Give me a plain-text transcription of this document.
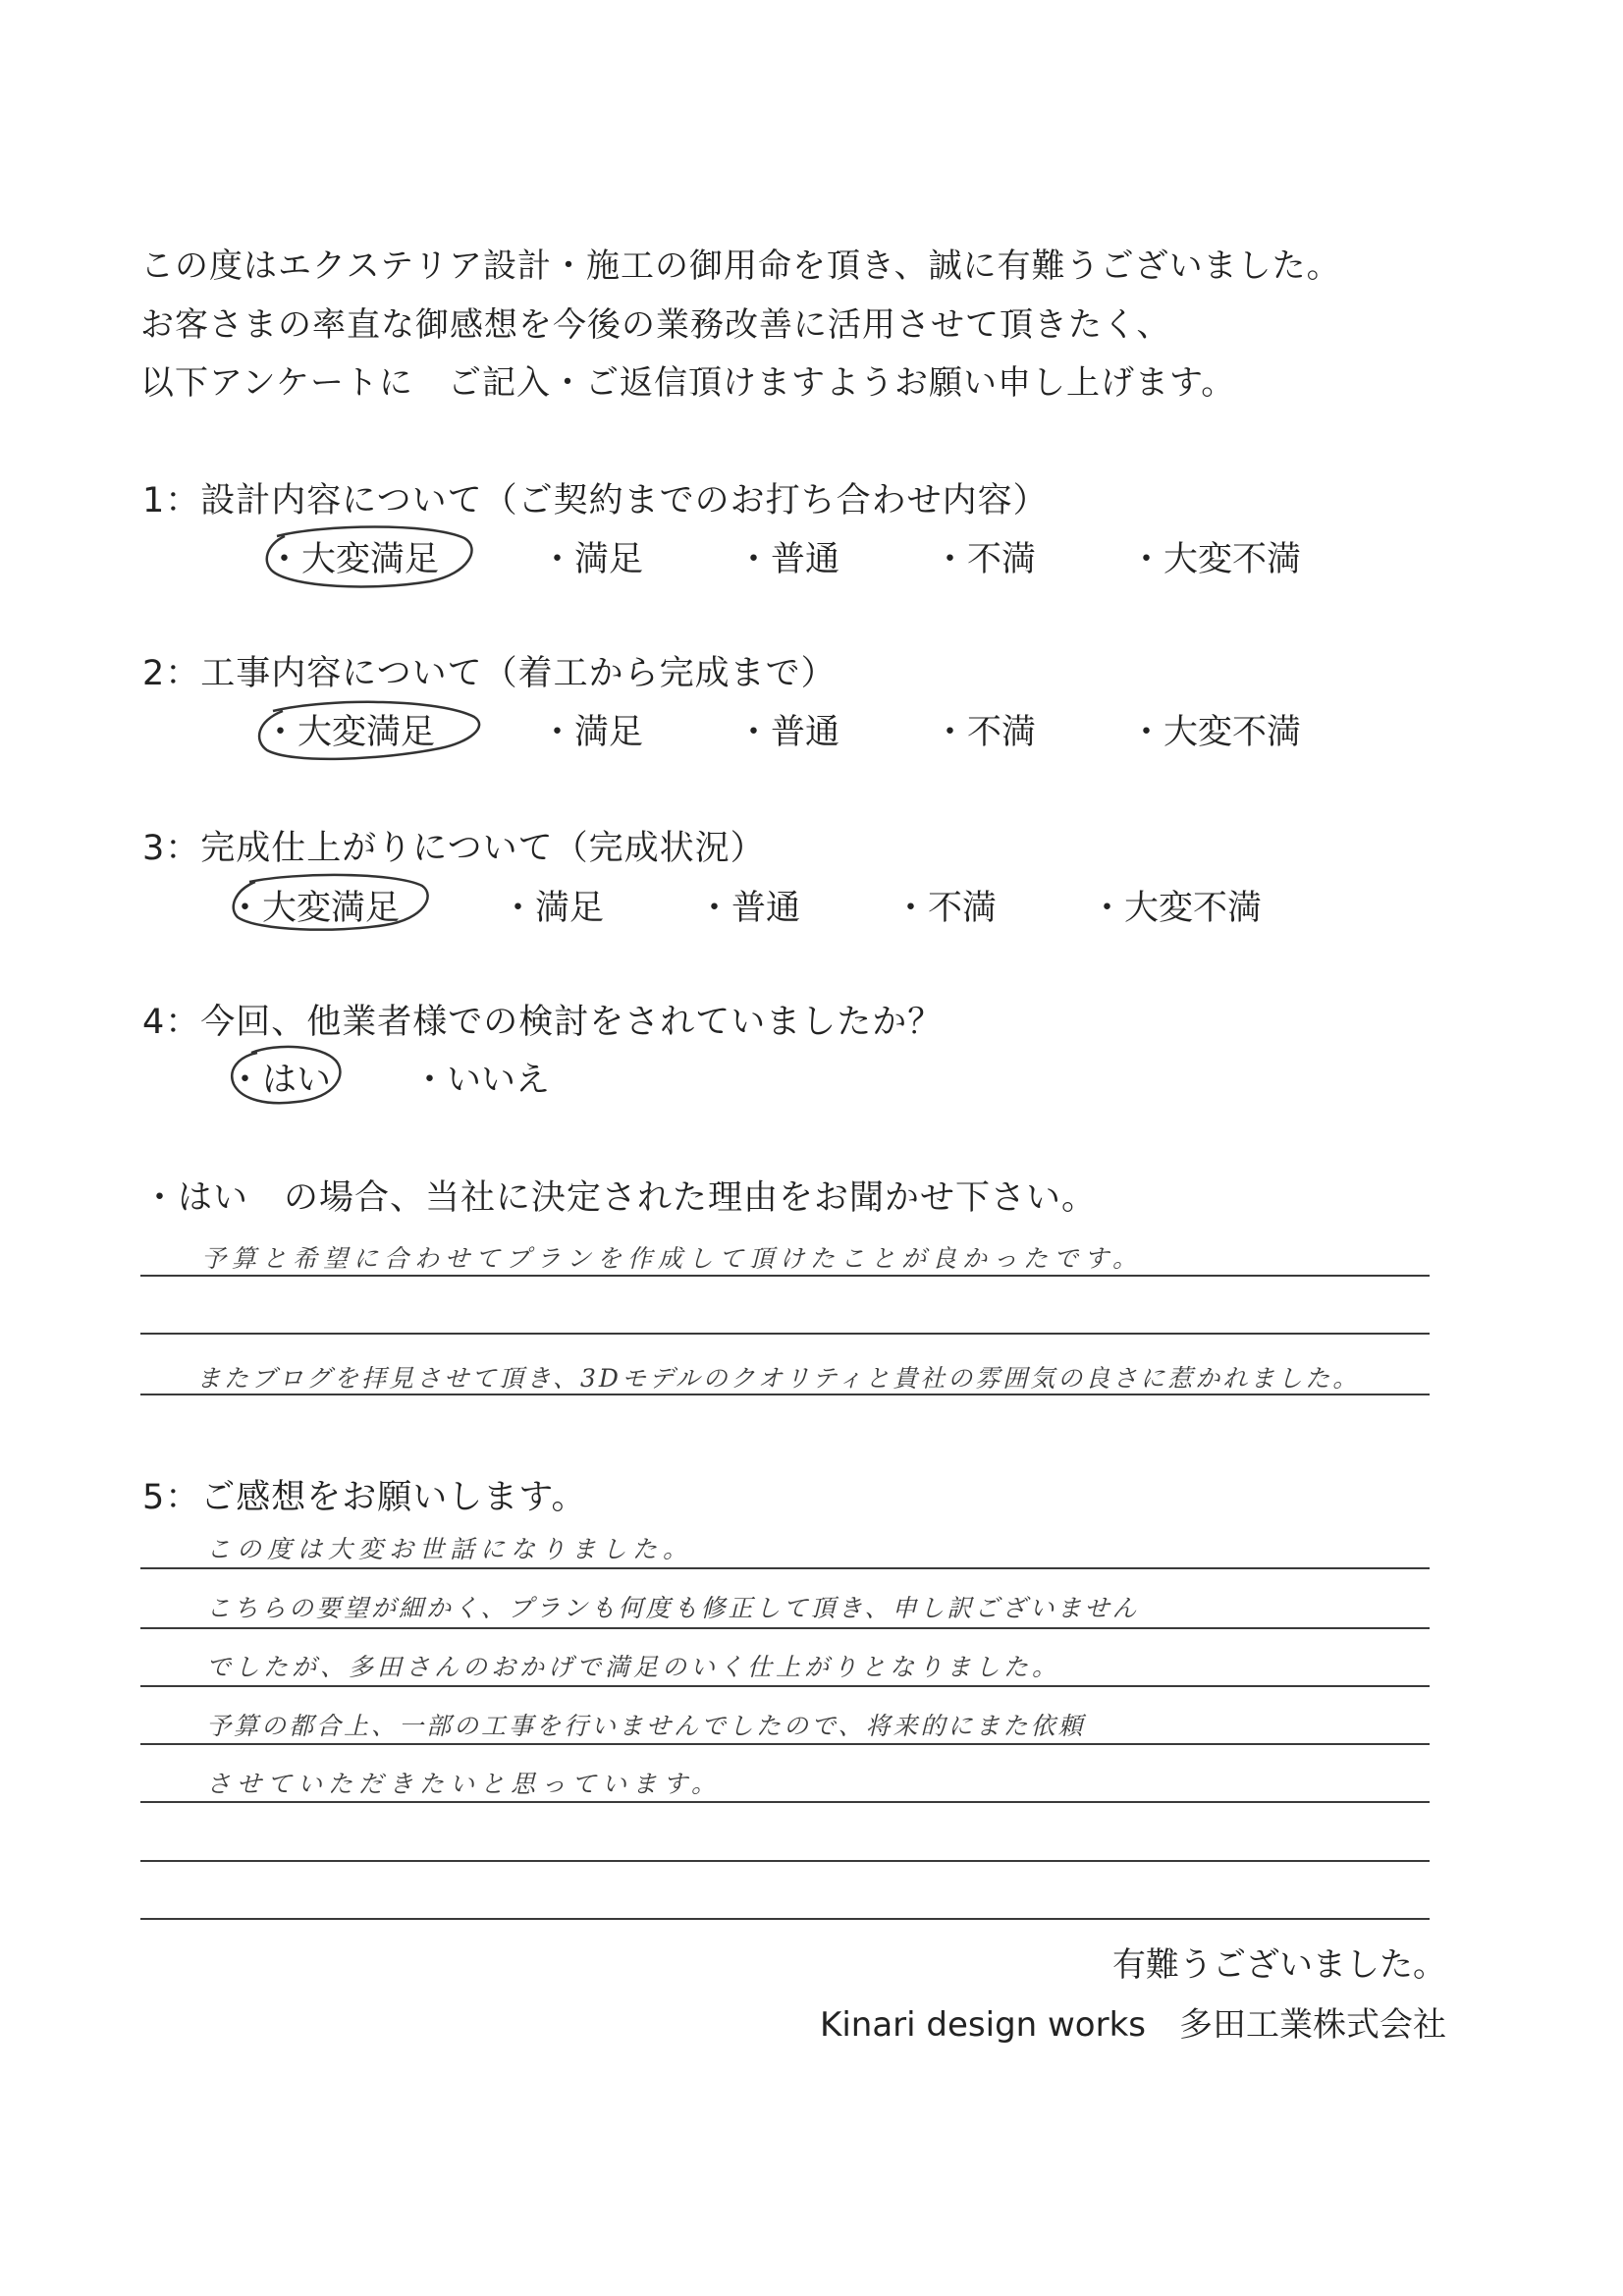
この度はエクステリア設計・施工の御用命を頂き、誠に有難うございました。
お客さまの率直な御感想を今後の業務改善に活用させて頂きたく、
以下アンケートに　ご記入・ご返信頂けますようお願い申し上げます。
1：設計内容について（ご契約までのお打ち合わせ内容）
・大変満足	・満足	・普通	・不満	・大変不満
2：工事内容について（着工から完成まで）
・大変満足	・満足	・普通	・不満	・大変不満
3：完成仕上がりについて（完成状況）
・大変満足	・満足	・普通	・不満	・大変不満
4：今回、他業者様での検討をされていましたか？
・はい ・いいえ
・はい　の場合、当社に決定された理由をお聞かせ下さい。
予算と希望に合わせてプランを作成して頂けたことが良かったです。
またブログを拝見させて頂き、3Dモデルのクオリティと貴社の雰囲気の良さに惹かれました。
5：ご感想をお願いします。
この度は大変お世話になりました。
こちらの要望が細かく、プランも何度も修正して頂き、申し訳ございません
でしたが、多田さんのおかげで満足のいく仕上がりとなりました。
予算の都合上、一部の工事を行いませんでしたので、将来的にまた依頼
させていただきたいと思っています。
有難うございました。
Kinari design works　多田工業株式会社
